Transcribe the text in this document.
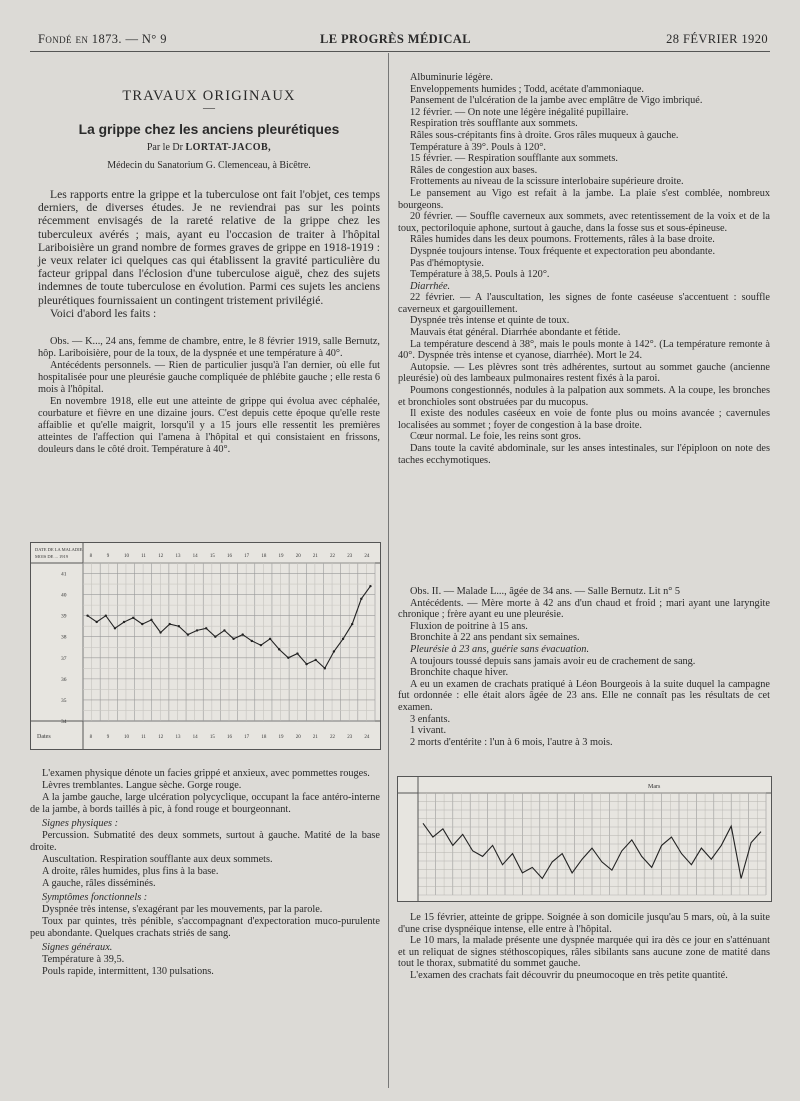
Fondé en 1873. — N° 9	LE PROGRÈS MÉDICAL	28 FÉVRIER 1920

TRAVAUX ORIGINAUX

—

La grippe chez les anciens pleurétiques

Par le Dr LORTAT-JACOB,

Médecin du Sanatorium G. Clemenceau, à Bicêtre.

Les rapports entre la grippe et la tuberculose ont fait l'objet, ces temps derniers, de diverses études. Je ne reviendrai pas sur les points récemment envisagés de la rareté relative de la grippe chez les tuberculeux avérés ; mais, ayant eu l'occasion de traiter à l'hôpital Lariboisière un grand nombre de formes graves de grippe en 1918-1919 : je veux relater ici quelques cas qui établissent la gravité particulière du facteur grippal dans l'éclosion d'une tuberculose aiguë, chez des sujets indemnes de toute tuberculose en évolution. Parmi ces sujets les anciens pleurétiques fournissaient un contingent tristement privilégié.

Voici d'abord les faits :

Obs. — K..., 24 ans, femme de chambre, entre, le 8 février 1919, salle Bernutz, hôp. Lariboisière, pour de la toux, de la dyspnée et une température à 40°.

Antécédents personnels. — Rien de particulier jusqu'à l'an dernier, où elle fut hospitalisée pour une pleurésie gauche compliquée de phlébite gauche ; elle resta 6 mois à l'hôpital.

En novembre 1918, elle eut une atteinte de grippe qui évolua avec céphalée, courbature et fièvre en une dizaine jours. C'est depuis cette époque qu'elle reste affaiblie et qu'elle maigrit, lorsqu'il y a 15 jours elle ressentit les premières atteintes de l'affection qui l'amena à l'hôpital et qui consistaient en frissons, douleurs dans le côté droit. Température à 40°.

DATE DE LA MALADIE
MOIS DE ... 1919
Dates
41
40
39
38
37
36
35
34
8
8
9
9
10
10
11
11
12
12
13
13
14
14
15
15
16
16
17
17
18
18
19
19
20
20
21
21
22
22
23
23
24
24

L'examen physique dénote un facies grippé et anxieux, avec pommettes rouges.

Lèvres tremblantes. Langue sèche. Gorge rouge.

A la jambe gauche, large ulcération polycyclique, occupant la face antéro-interne de la jambe, à bords taillés à pic, à fond rouge et bourgeonnant.

Signes physiques :

Percussion. Submatité des deux sommets, surtout à gauche. Matité de la base droite.

Auscultation. Respiration soufflante aux deux sommets.

A droite, râles humides, plus fins à la base.

A gauche, râles disséminés.

Symptômes fonctionnels :

Dyspnée très intense, s'exagérant par les mouvements, par la parole.

Toux par quintes, très pénible, s'accompagnant d'expectoration muco-purulente peu abondante. Quelques crachats striés de sang.

Signes généraux.

Température à 39,5.

Pouls rapide, intermittent, 130 pulsations.

Albuminurie légère.

Enveloppements humides ; Todd, acétate d'ammoniaque.

Pansement de l'ulcération de la jambe avec emplâtre de Vigo imbriqué.

12 février. — On note une légère inégalité pupillaire.

Respiration très soufflante aux sommets.

Râles sous-crépitants fins à droite. Gros râles muqueux à gauche.

Température à 39°. Pouls à 120°.

15 février. — Respiration soufflante aux sommets.

Râles de congestion aux bases.

Frottements au niveau de la scissure interlobaire supérieure droite.

Le pansement au Vigo est refait à la jambe. La plaie s'est comblée, nombreux bourgeons.

20 février. — Souffle caverneux aux sommets, avec retentissement de la voix et de la toux, pectoriloquie aphone, surtout à gauche, dans la fosse sus et sous-épineuse.

Râles humides dans les deux poumons. Frottements, râles à la base droite.

Dyspnée toujours intense. Toux fréquente et expectoration peu abondante.

Pas d'hémoptysie.

Température à 38,5. Pouls à 120°.

Diarrhée.

22 février. — A l'auscultation, les signes de fonte caséeuse s'accentuent : souffle caverneux et gargouillement.

Dyspnée très intense et quinte de toux.

Mauvais état général. Diarrhée abondante et fétide.

La température descend à 38°, mais le pouls monte à 142°. (La température remonte à 40°. Dyspnée très intense et cyanose, diarrhée). Mort le 24.

Autopsie. — Les plèvres sont très adhérentes, surtout au sommet gauche (ancienne pleurésie) où des lambeaux pulmonaires restent fixés à la paroi.

Poumons congestionnés, nodules à la palpation aux sommets. A la coupe, les bronches et bronchioles sont obstruées par du mucopus.

Il existe des nodules caséeux en voie de fonte plus ou moins avancée ; cavernules localisées au sommet ; foyer de congestion à la base droite.

Cœur normal. Le foie, les reins sont gros.

Dans toute la cavité abdominale, sur les anses intestinales, sur l'épiploon on note des taches ecchymotiques.

Obs. II. — Malade L..., âgée de 34 ans. — Salle Bernutz. Lit n° 5

Antécédents. — Mère morte à 42 ans d'un chaud et froid ; mari ayant une laryngite chronique ; frère ayant eu une pleurésie.

Fluxion de poitrine à 15 ans.

Bronchite à 22 ans pendant six semaines.

Pleurésie à 23 ans, guérie sans évacuation.

A toujours toussé depuis sans jamais avoir eu de crachement de sang.

Bronchite chaque hiver.

A eu un examen de crachats pratiqué à Léon Bourgeois à la suite duquel la campagne fut ordonnée : elle était alors âgée de 23 ans. Elle ne connaît pas les résultats de cet examen.

3 enfants.

1 vivant.

2 morts d'entérite : l'un à 6 mois, l'autre à 3 mois.

Mars

Le 15 février, atteinte de grippe. Soignée à son domicile jusqu'au 5 mars, où, à la suite d'une crise dyspnéique intense, elle entre à l'hôpital.

Le 10 mars, la malade présente une dyspnée marquée qui ira dès ce jour en s'atténuant et un reliquat de signes stéthoscopiques, râles sibilants sans aucune zone de matité dans tout le thorax, submatité du sommet gauche.

L'examen des crachats fait découvrir du pneumocoque en très petite quantité.
